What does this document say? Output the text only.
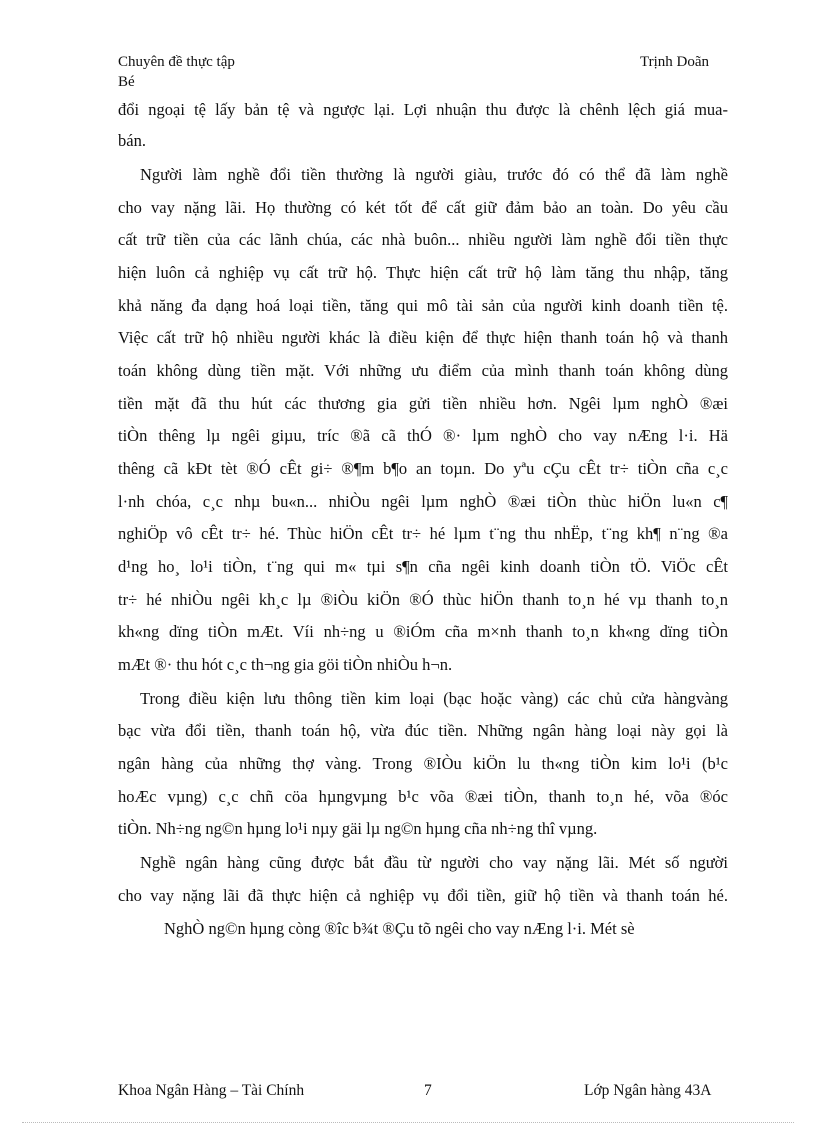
Chuyên đề thực tập
Bé
Trịnh Doãn
đổi ngoại tệ lấy bản tệ và ngược lại. Lợi nhuận thu được là chênh lệch giá mua-
bán.
Người làm nghề đổi tiền thường là người giàu, trước đó có thể đã làm nghề
cho vay nặng lãi. Họ thường có két tốt để cất giữ đảm bảo an toàn. Do yêu cầu
cất trữ tiền của các lãnh chúa, các nhà buôn... nhiều người làm nghề đổi tiền thực
hiện luôn cả nghiệp vụ cất trữ hộ. Thực hiện cất trữ hộ làm tăng thu nhập, tăng
khả năng đa dạng hoá loại tiền, tăng qui mô tài sản của người kinh doanh tiền tệ.
Việc cất trữ hộ nhiều người khác là điều kiện để thực hiện thanh toán hộ và thanh
toán không dùng tiền mặt. Với những ưu điểm của mình thanh toán không dùng
tiền mặt đã thu hút các thương gia gửi tiền nhiều hơn. Ngêi lµm nghÒ ®æi
tiÒn thêng lµ ngêi giµu, tríc ®ã cã thÓ ®· lµm nghÒ cho vay nÆng l·i. Hä
thêng cã kÐt tèt ®Ó cÊt gi÷ ®¶m b¶o an toµn. Do yªu cÇu cÊt tr÷ tiÒn cña c¸c
l·nh chóa, c¸c nhµ bu«n... nhiÒu ngêi lµm nghÒ ®æi tiÒn thùc hiÖn lu«n c¶
nghiÖp vô cÊt tr÷ hé. Thùc hiÖn cÊt tr÷ hé lµm t¨ng thu nhËp, t¨ng kh¶ n¨ng ®a
d¹ng ho¸ lo¹i tiÒn, t¨ng qui m« tµi s¶n cña ngêi kinh doanh tiÒn tÖ. ViÖc cÊt
tr÷ hé nhiÒu ngêi kh¸c lµ ®iÒu kiÖn ®Ó thùc hiÖn thanh to¸n hé vµ thanh to¸n
kh«ng dïng tiÒn mÆt. Víi nh÷ng u ®iÓm cña m×nh thanh to¸n kh«ng dïng tiÒn
mÆt ®· thu hót c¸c th¬ng gia göi tiÒn nhiÒu h¬n.
Trong điều kiện lưu thông tiền kim loại (bạc hoặc vàng) các chủ cửa hàngvàng
bạc vừa đổi tiền, thanh toán hộ, vừa đúc tiền. Những ngân hàng loại này gọi là
ngân hàng của những thợ vàng. Trong ®IÒu kiÖn lu th«ng tiÒn kim lo¹i (b¹c
hoÆc vµng) c¸c chñ cöa hµngvµng b¹c võa ®æi tiÒn, thanh to¸n hé, võa ®óc
tiÒn. Nh÷ng ng©n hµng lo¹i nµy gäi lµ ng©n hµng cña nh÷ng thî vµng.
Nghề ngân hàng cũng được bắt đầu từ người cho vay nặng lãi. Mét số người
cho vay nặng lãi đã thực hiện cả nghiệp vụ đổi tiền, giữ hộ tiền và thanh toán hé.
NghÒ ng©n hµng còng ®îc b¾t ®Çu tõ ngêi cho vay nÆng l·i. Mét sè
Khoa Ngân Hàng – Tài Chính	7	Lớp Ngân hàng 43A
